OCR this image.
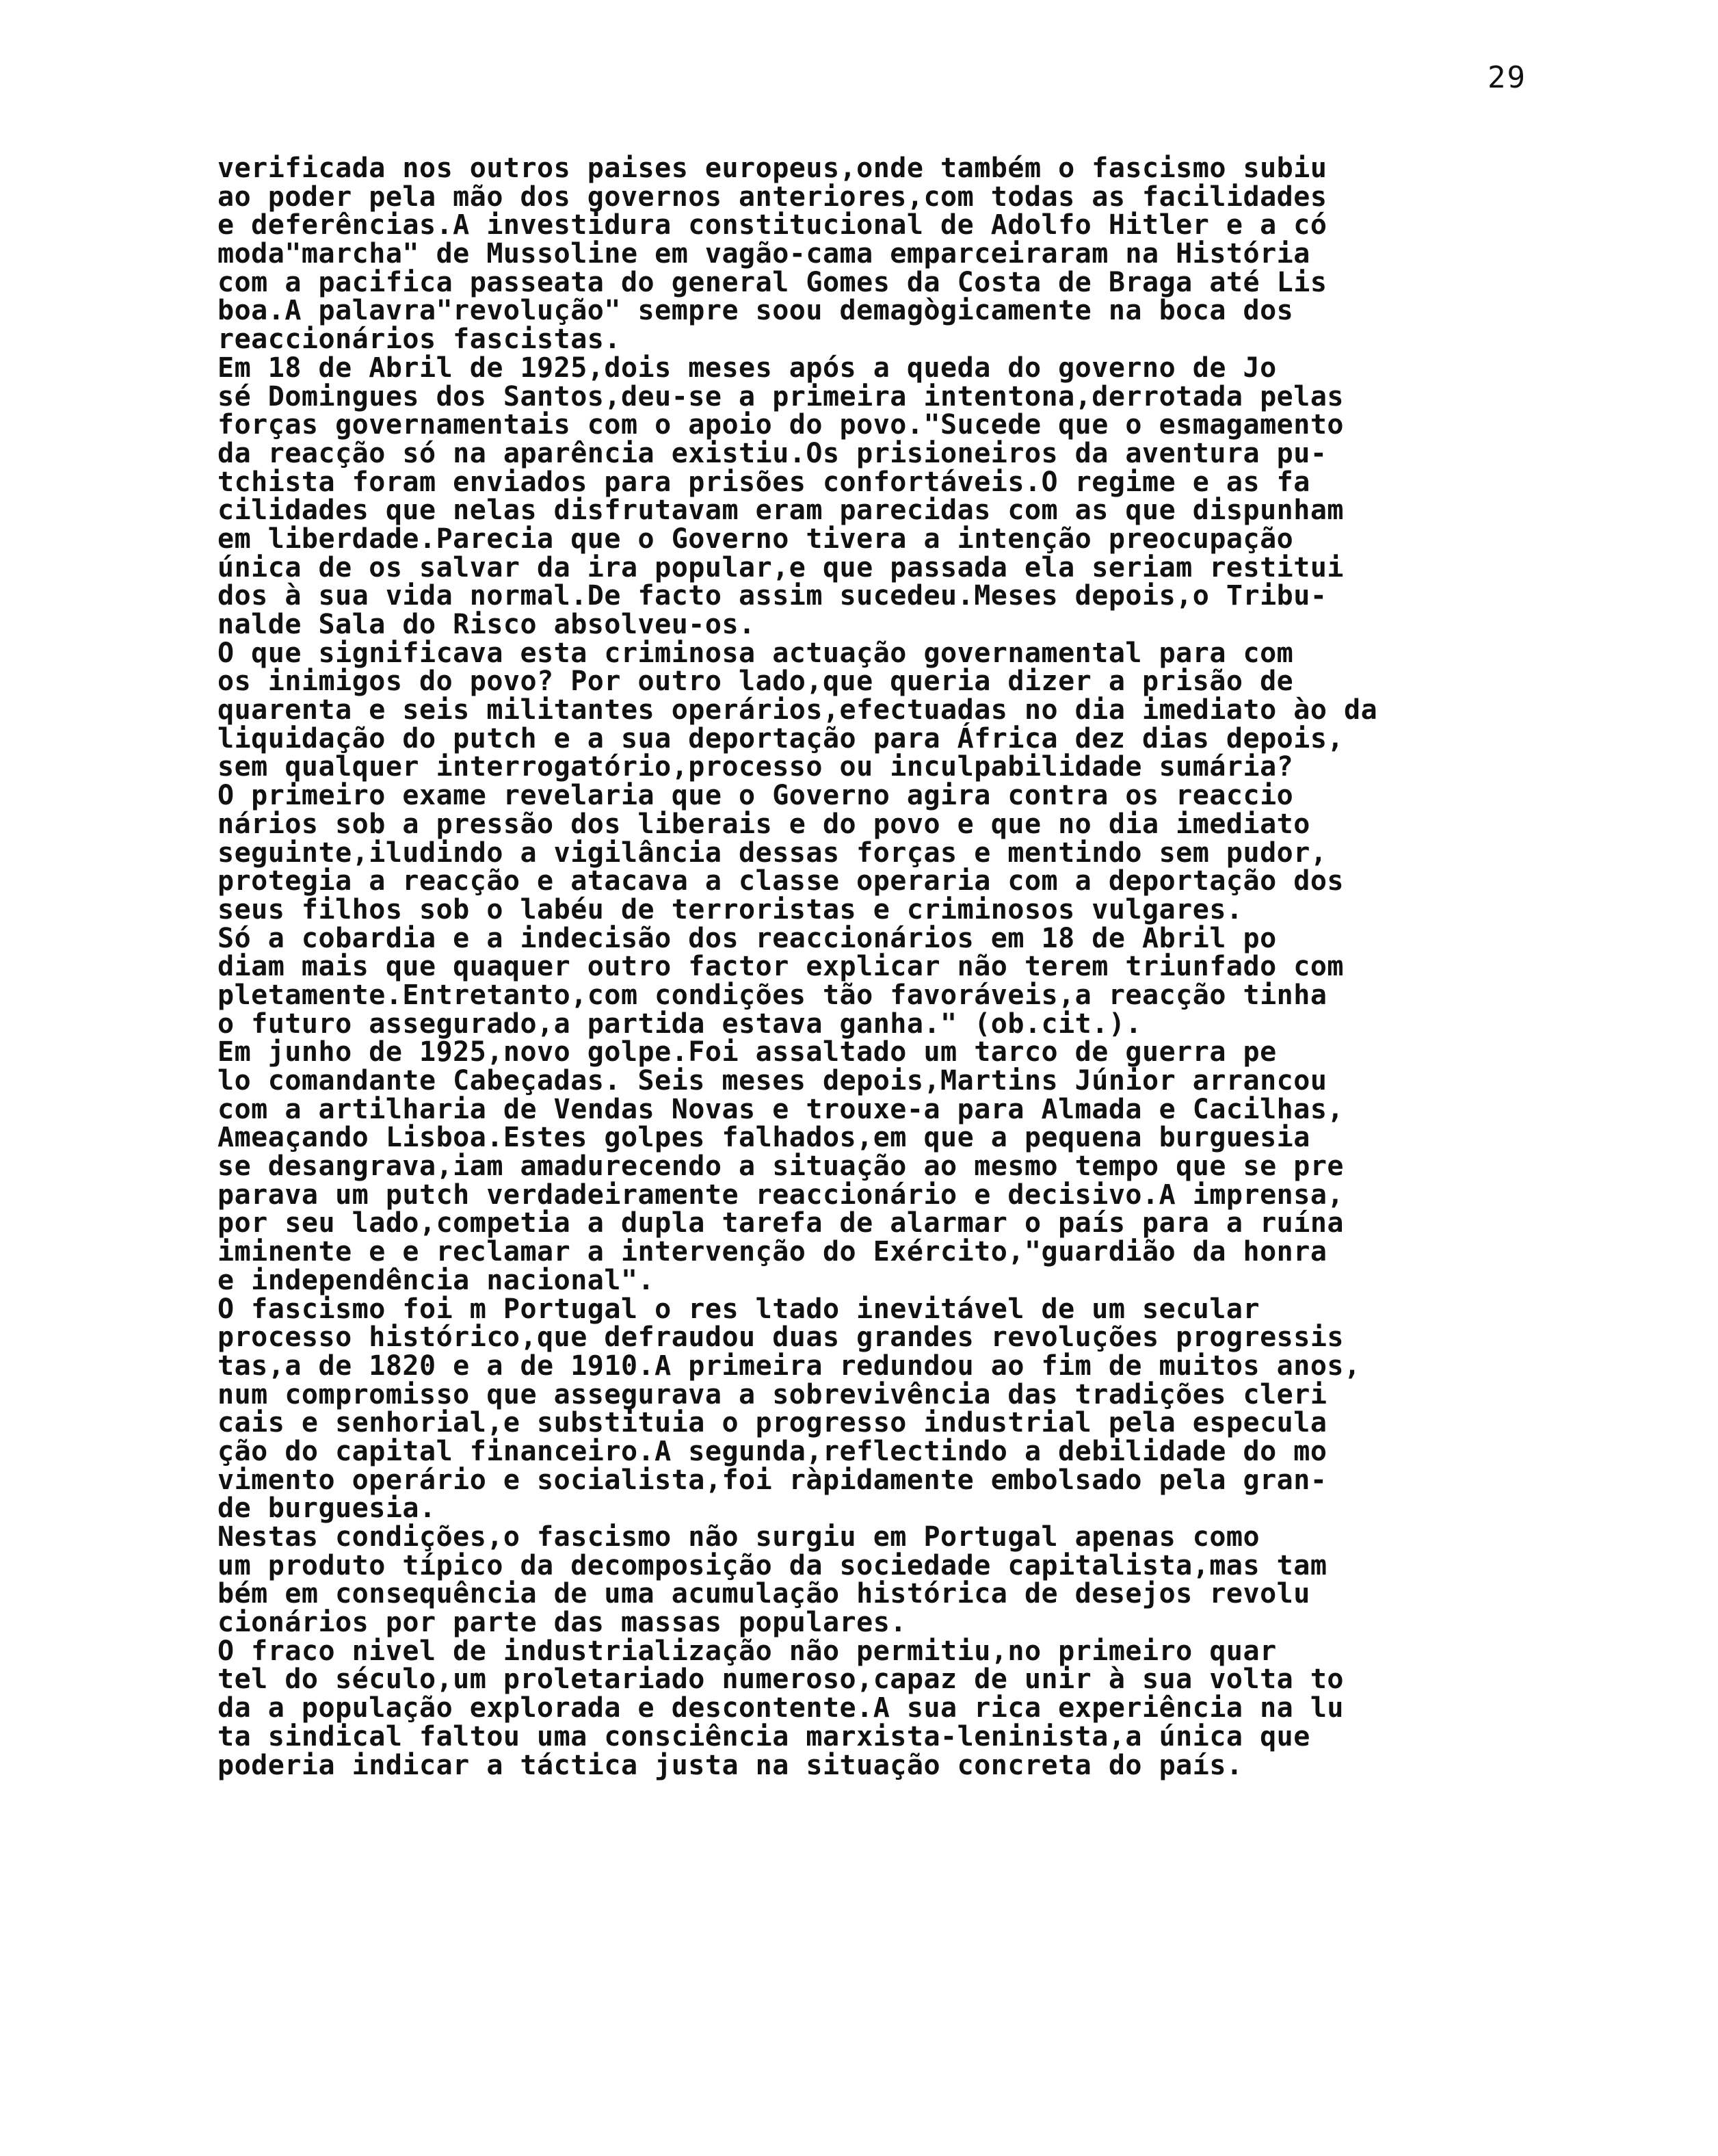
29
verificada nos outros paises europeus,onde também o fascismo subiu
ao poder pela mão dos governos anteriores,com todas as facilidades
e deferências.A investidura constitucional de Adolfo Hitler e a có
moda"marcha" de Mussoline em vagão-cama emparceiraram na História
com a pacifica passeata do general Gomes da Costa de Braga até Lis
boa.A palavra"revolução" sempre soou demagògicamente na boca dos
reaccionários fascistas.
Em 18 de Abril de 1925,dois meses após a queda do governo de Jo
sé Domingues dos Santos,deu-se a primeira intentona,derrotada pelas
forças governamentais com o apoio do povo."Sucede que o esmagamento
da reacção só na aparência existiu.Os prisioneiros da aventura pu-
tchista foram enviados para prisões confortáveis.O regime e as fa
cilidades que nelas disfrutavam eram parecidas com as que dispunham
em liberdade.Parecia que o Governo tivera a intenção preocupação
única de os salvar da ira popular,e que passada ela seriam restitui
dos à sua vida normal.De facto assim sucedeu.Meses depois,o Tribu-
nalde Sala do Risco absolveu-os.
O que significava esta criminosa actuação governamental para com
os inimigos do povo? Por outro lado,que queria dizer a prisão de
quarenta e seis militantes operários,efectuadas no dia imediato ào da
liquidação do putch e a sua deportação para África dez dias depois,
sem qualquer interrogatório,processo ou inculpabilidade sumária?
O primeiro exame revelaria que o Governo agira contra os reaccio
nários sob a pressão dos liberais e do povo e que no dia imediato
seguinte,iludindo a vigilância dessas forças e mentindo sem pudor,
protegia a reacção e atacava a classe operaria com a deportação dos
seus filhos sob o labéu de terroristas e criminosos vulgares.
Só a cobardia e a indecisão dos reaccionários em 18 de Abril po
diam mais que quaquer outro factor explicar não terem triunfado com
pletamente.Entretanto,com condições tão favoráveis,a reacção tinha
o futuro assegurado,a partida estava ganha." (ob.cit.).
Em junho de 1925,novo golpe.Foi assaltado um tarco de guerra pe
lo comandante Cabeçadas. Seis meses depois,Martins Júnior arrancou
com a artilharia de Vendas Novas e trouxe-a para Almada e Cacilhas,
Ameaçando Lisboa.Estes golpes falhados,em que a pequena burguesia
se desangrava,iam amadurecendo a situação ao mesmo tempo que se pre
parava um putch verdadeiramente reaccionário e decisivo.A imprensa,
por seu lado,competia a dupla tarefa de alarmar o país para a ruína
iminente e e reclamar a intervenção do Exército,"guardião da honra
e independência nacional".
O fascismo foi m Portugal o res ltado inevitável de um secular
processo histórico,que defraudou duas grandes revoluções progressis
tas,a de 1820 e a de 1910.A primeira redundou ao fim de muitos anos,
num compromisso que assegurava a sobrevivência das tradições cleri
cais e senhorial,e substituia o progresso industrial pela especula
ção do capital financeiro.A segunda,reflectindo a debilidade do mo
vimento operário e socialista,foi ràpidamente embolsado pela gran-
de burguesia.
Nestas condições,o fascismo não surgiu em Portugal apenas como
um produto típico da decomposição da sociedade capitalista,mas tam
bém em consequência de uma acumulação histórica de desejos revolu
cionários por parte das massas populares.
O fraco nivel de industrialização não permitiu,no primeiro quar
tel do século,um proletariado numeroso,capaz de unir à sua volta to
da a população explorada e descontente.A sua rica experiência na lu
ta sindical faltou uma consciência marxista-leninista,a única que
poderia indicar a táctica justa na situação concreta do país.
